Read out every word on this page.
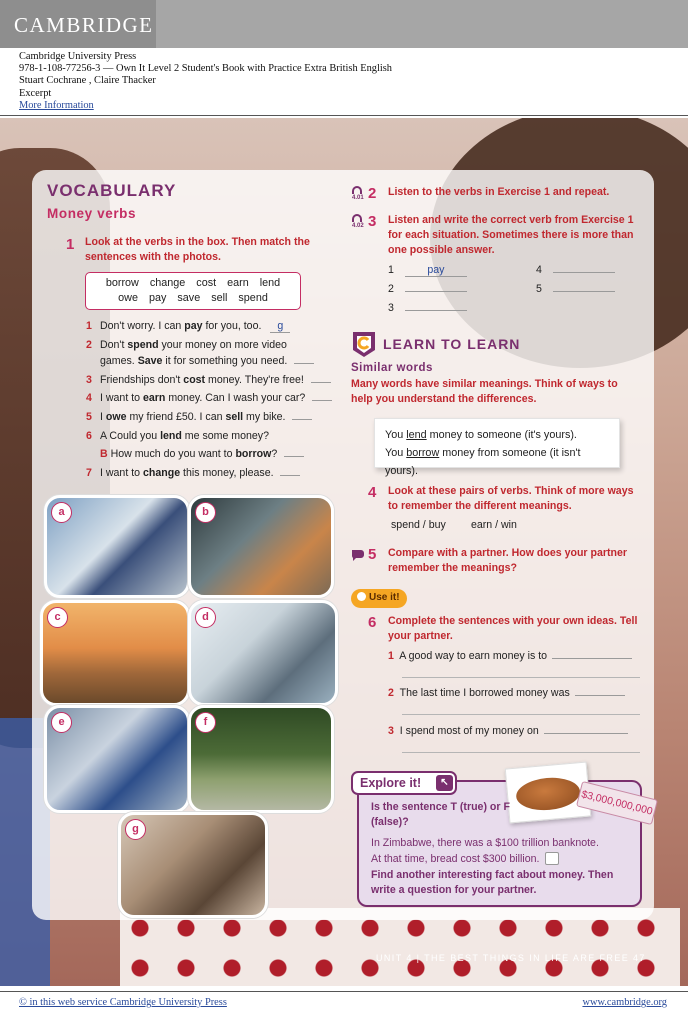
CAMBRIDGE
Cambridge University Press
978-1-108-77256-3 — Own It Level 2 Student's Book with Practice Extra British English
Stuart Cochrane , Claire Thacker
Excerpt
More Information
VOCABULARY
Money verbs
1 Look at the verbs in the box. Then match the sentences with the photos.
borrow change cost earn lend
owe pay save sell spend
1 Don't worry. I can pay for you, too. g
2 Don't spend your money on more video
games. Save it for something you need.
3 Friendships don't cost money. They're free!
4 I want to earn money. Can I wash your car?
5 I owe my friend £50. I can sell my bike.
6 A Could you lend me some money?
B How much do you want to borrow?
7 I want to change this money, please.
a	b
c	d
e	f
g
4.01 2 Listen to the verbs in Exercise 1 and repeat.
4.02 3 Listen and write the correct verb from Exercise 1 for each situation. Sometimes there is more than one possible answer.
1	pay
2
3
4
5
LEARN TO LEARN
Similar words
Many words have similar meanings. Think of ways to help you understand the differences.
You lend money to someone (it's yours).
You borrow money from someone (it isn't yours).
4 Look at these pairs of verbs. Think of more ways to remember the different meanings.
spend / buy earn / win
5 Compare with a partner. How does your partner remember the meanings?
Use it!
6 Complete the sentences with your own ideas. Tell your partner.
1 A good way to earn money is to
2 The last time I borrowed money was
3 I spend most of my money on
Explore it!	↖
$3,000,000,000
Is the sentence T (true) or F (false)?
In Zimbabwe, there was a $100 trillion banknote.
At that time, bread cost $300 billion.
Find another interesting fact about money. Then write a question for your partner.
UNIT 4 | THE BEST THINGS IN LIFE ARE FREE 47
© in this web service Cambridge University Press	www.cambridge.org
